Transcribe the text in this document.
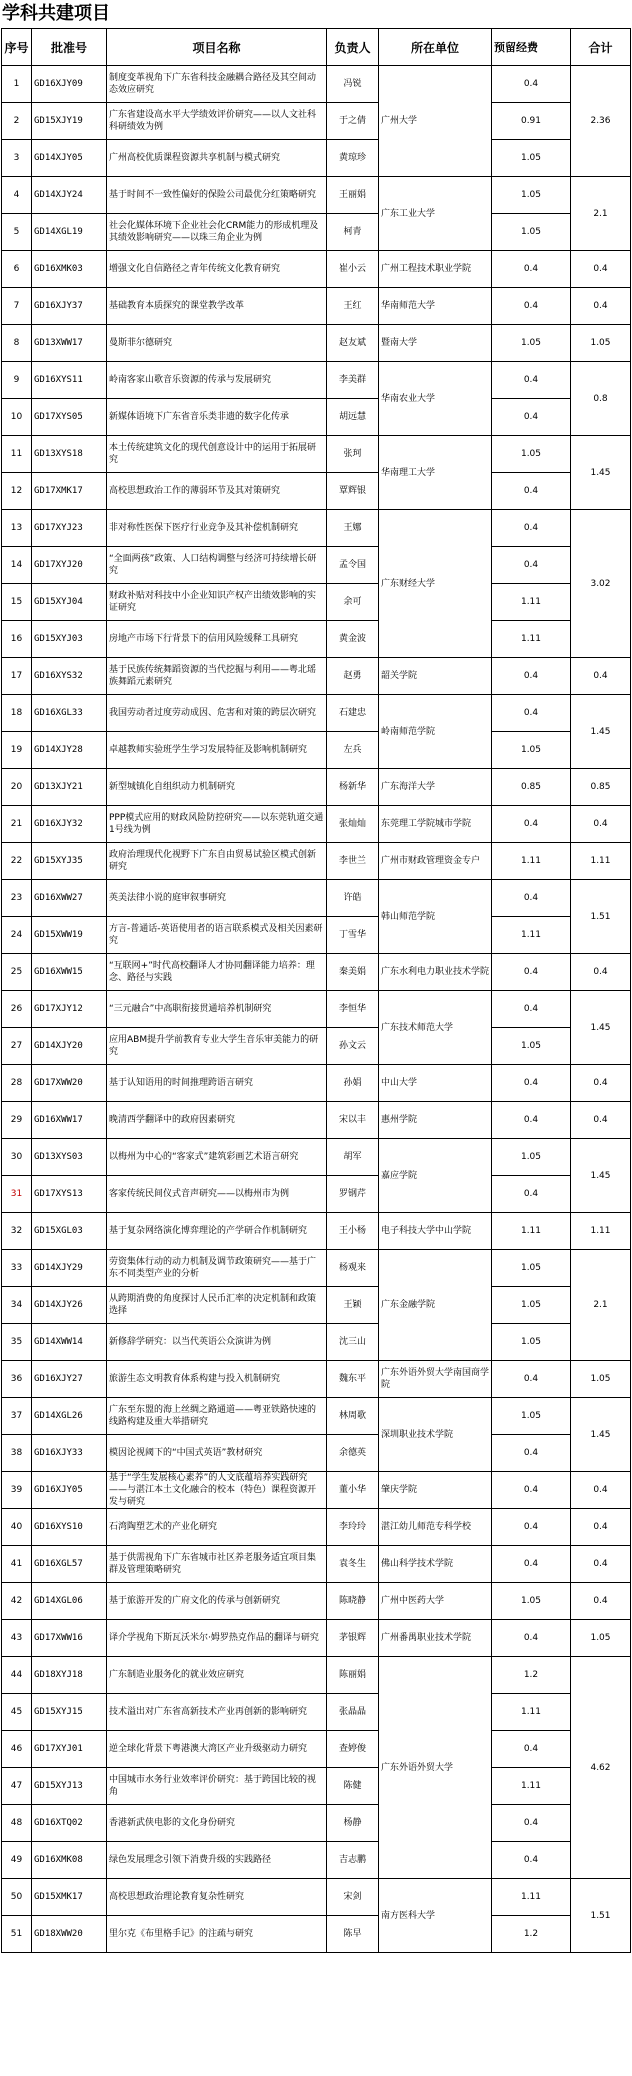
学科共建项目
序号	批准号	项目名称	负责人	所在单位	预留经费	合计
1	GD16XJY09	制度变革视角下广东省科技金融耦合路径及其空间动态效应研究	冯锐	广州大学	0.4	2.36
2	GD15XJY19	广东省建设高水平大学绩效评价研究——以人文社科科研绩效为例	于之倩		0.91	
3	GD14XJY05	广州高校优质课程资源共享机制与模式研究	黄琼珍		1.05	
4	GD14XJY24	基于时间不一致性偏好的保险公司最优分红策略研究	王丽娟	广东工业大学	1.05	2.1
5	GD14XGL19	社会化媒体环境下企业社会化CRM能力的形成机理及其绩效影响研究——以珠三角企业为例	柯青		1.05	
6	GD16XMK03	增强文化自信路径之青年传统文化教育研究	崔小云	广州工程技术职业学院	0.4	0.4
7	GD16XJY37	基础教育本质探究的课堂教学改革	王红	华南师范大学	0.4	0.4
8	GD13XWW17	曼斯菲尔德研究	赵友斌	暨南大学	1.05	1.05
9	GD16XYS11	岭南客家山歌音乐资源的传承与发展研究	李美群	华南农业大学	0.4	0.8
10	GD17XYS05	新媒体语境下广东省音乐类非遗的数字化传承	胡远慧		0.4	
11	GD13XYS18	本土传统建筑文化的现代创意设计中的运用于拓展研究	张珂	华南理工大学	1.05	1.45
12	GD17XMK17	高校思想政治工作的薄弱环节及其对策研究	覃辉银		0.4	
13	GD17XYJ23	非对称性医保下医疗行业竞争及其补偿机制研究	王娜	广东财经大学	0.4	3.02
14	GD17XYJ20	“全面两孩”政策、人口结构调整与经济可持续增长研究	孟令国		0.4	
15	GD15XYJ04	财政补贴对科技中小企业知识产权产出绩效影响的实证研究	余可		1.11	
16	GD15XYJ03	房地产市场下行背景下的信用风险缓释工具研究	黄金波		1.11	
17	GD16XYS32	基于民族传统舞蹈资源的当代挖掘与利用——粤北瑶族舞蹈元素研究	赵勇	韶关学院	0.4	0.4
18	GD16XGL33	我国劳动者过度劳动成因、危害和对策的跨层次研究	石建忠	岭南师范学院	0.4	1.45
19	GD14XJY28	卓越教师实验班学生学习发展特征及影响机制研究	左兵		1.05	
20	GD13XJY21	新型城镇化自组织动力机制研究	杨新华	广东海洋大学	0.85	0.85
21	GD16XJY32	PPP模式应用的财政风险防控研究——以东莞轨道交通1号线为例	张灿灿	东莞理工学院城市学院	0.4	0.4
22	GD15XYJ35	政府治理现代化视野下广东自由贸易试验区模式创新研究	李世兰	广州市财政管理资金专户	1.11	1.11
23	GD16XWW27	英美法律小说的庭审叙事研究	许皓	韩山师范学院	0.4	1.51
24	GD15XWW19	方言-普通话-英语使用者的语言联系模式及相关因素研究	丁雪华		1.11	
25	GD16XWW15	“互联网+”时代高校翻译人才协同翻译能力培养：理念、路径与实践	秦美娟	广东水利电力职业技术学院	0.4	0.4
26	GD17XJY12	“三元融合”中高职衔接贯通培养机制研究	李恒华	广东技术师范大学	0.4	1.45
27	GD14XJY20	应用ABM提升学前教育专业大学生音乐审美能力的研究	孙文云		1.05	
28	GD17XWW20	基于认知语用的时间推理跨语言研究	孙娟	中山大学	0.4	0.4
29	GD16XWW17	晚清西学翻译中的政府因素研究	宋以丰	惠州学院	0.4	0.4
30	GD13XYS03	以梅州为中心的“客家式”建筑彩画艺术语言研究	胡军	嘉应学院	1.05	1.45
31	GD17XYS13	客家传统民间仪式音声研究——以梅州市为例	罗钢芹		0.4	
32	GD15XGL03	基于复杂网络演化博弈理论的产学研合作机制研究	王小杨	电子科技大学中山学院	1.11	1.11
33	GD14XJY29	劳资集体行动的动力机制及调节政策研究——基于广东不同类型产业的分析	杨观来	广东金融学院	1.05	2.1
34	GD14XJY26	从跨期消费的角度探讨人民币汇率的决定机制和政策选择	王颖		1.05	
35	GD14XWW14	新修辞学研究：以当代英语公众演讲为例	沈三山		1.05	
36	GD16XJY27	旅游生态文明教育体系构建与投入机制研究	魏东平	广东外语外贸大学南国商学院	0.4	1.05
37	GD14XGL26	广东至东盟的海上丝绸之路通道——粤亚铁路快速的线路构建及重大举措研究	林周歌	深圳职业技术学院	1.05	1.45
38	GD16XJY33	模因论视阈下的“中国式英语”教材研究	余德英		0.4	
39	GD16XJY05	基于“学生发展核心素养”的人文底蕴培养实践研究——与湛江本土文化融合的校本（特色）课程资源开发与研究	董小华	肇庆学院	0.4	0.4
40	GD16XYS10	石湾陶塑艺术的产业化研究	李玲玲	湛江幼儿师范专科学校	0.4	0.4
41	GD16XGL57	基于供需视角下广东省城市社区养老服务适宜项目集群及管理策略研究	袁冬生	佛山科学技术学院	0.4	0.4
42	GD14XGL06	基于旅游开发的广府文化的传承与创新研究	陈晓静	广州中医药大学	1.05	0.4
43	GD17XWW16	译介学视角下斯瓦沃米尔·姆罗热克作品的翻译与研究	茅银辉	广州番禺职业技术学院	0.4	1.05
44	GD18XYJ18	广东制造业服务化的就业效应研究	陈丽娟	广东外语外贸大学	1.2	4.62
45	GD15XYJ15	技术溢出对广东省高新技术产业再创新的影响研究	张晶晶		1.11	
46	GD17XYJ01	逆全球化背景下粤港澳大湾区产业升级驱动力研究	查婷俊		0.4	
47	GD15XYJ13	中国城市水务行业效率评价研究：基于跨国比较的视角	陈健		1.11	
48	GD16XTQ02	香港新武侠电影的文化身份研究	杨静		0.4	
49	GD16XMK08	绿色发展理念引领下消费升级的实践路径	吉志鹏		0.4	
50	GD15XMK17	高校思想政治理论教育复杂性研究	宋剑	南方医科大学	1.11	1.51
51	GD18XWW20	里尔克《布里格手记》的注疏与研究	陈早		1.2	
